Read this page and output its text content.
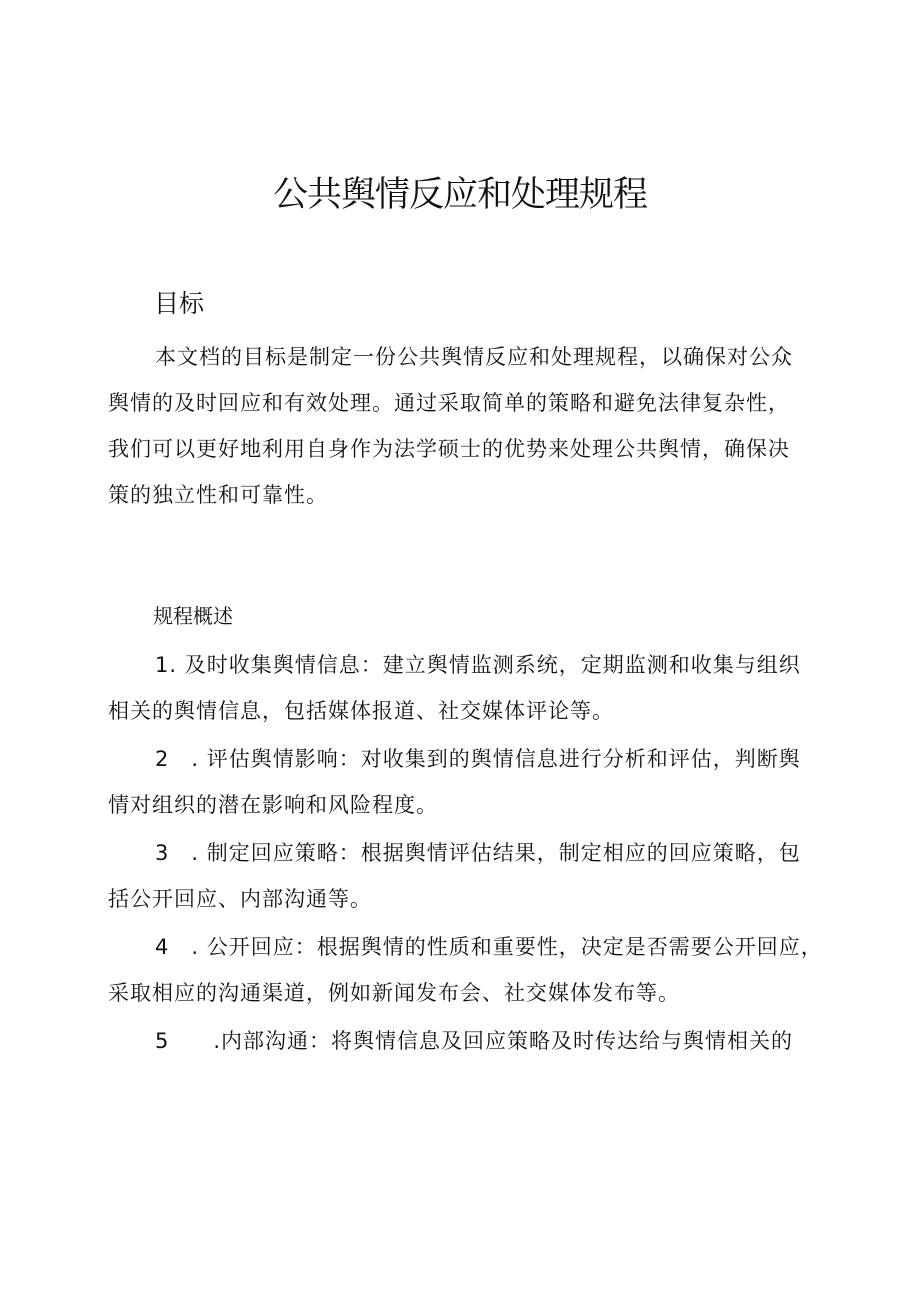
公共舆情反应和处理规程
目标

本文档的目标是制定一份公共舆情反应和处理规程，以确保对公众
舆情的及时回应和有效处理。通过采取简单的策略和避免法律复杂性，
我们可以更好地利用自身作为法学硕士的优势来处理公共舆情，确保决
策的独立性和可靠性。

规程概述

1. 及时收集舆情信息：建立舆情监测系统，定期监测和收集与组织
相关的舆情信息，包括媒体报道、社交媒体评论等。

2　. 评估舆情影响：对收集到的舆情信息进行分析和评估，判断舆
情对组织的潜在影响和风险程度。

3　. 制定回应策略：根据舆情评估结果，制定相应的回应策略，包
括公开回应、内部沟通等。

4　. 公开回应：根据舆情的性质和重要性，决定是否需要公开回应，
采取相应的沟通渠道，例如新闻发布会、社交媒体发布等。

5　　.内部沟通：将舆情信息及回应策略及时传达给与舆情相关的
